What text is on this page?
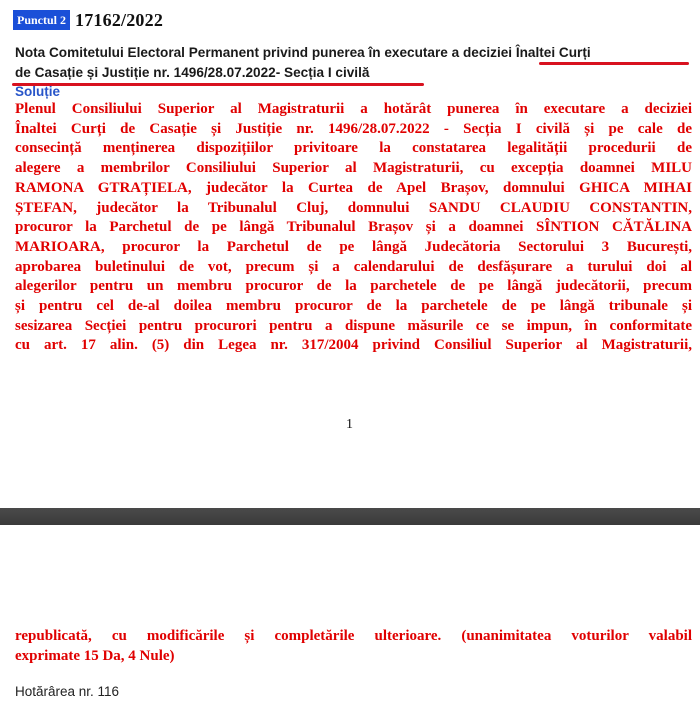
Punctul 2 17162/2022
Nota Comitetului Electoral Permanent privind punerea în executare a deciziei Înaltei Curți
de Casație și Justiție nr. 1496/28.07.2022- Secția I civilă
Soluție
Plenul Consiliului Superior al Magistraturii a hotărât punerea în executare a deciziei
Înaltei Curți de Casație și Justiție nr. 1496/28.07.2022 - Secția I civilă și pe cale de
consecință menținerea dispozițiilor privitoare la constatarea legalității procedurii de
alegere a membrilor Consiliului Superior al Magistraturii, cu excepția doamnei MILU
RAMONA GTRAȚIELA, judecător la Curtea de Apel Brașov, domnului GHICA MIHAI
ȘTEFAN, judecător la Tribunalul Cluj, domnului SANDU CLAUDIU CONSTANTIN,
procuror la Parchetul de pe lângă Tribunalul Brașov și a doamnei SÎNTION CĂTĂLINA
MARIOARA, procuror la Parchetul de pe lângă Judecătoria Sectorului 3 București,
aprobarea buletinului de vot, precum și a calendarului de desfășurare a turului doi al
alegerilor pentru un membru procuror de la parchetele de pe lângă judecătorii, precum
și pentru cel de-al doilea membru procuror de la parchetele de pe lângă tribunale și
sesizarea Secției pentru procurori pentru a dispune măsurile ce se impun, în conformitate
cu art. 17 alin. (5) din Legea nr. 317/2004 privind Consiliul Superior al Magistraturii,
1
republicată, cu modificările și completările ulterioare. (unanimitatea voturilor valabil
exprimate 15 Da, 4 Nule)
Hotărârea nr. 116
